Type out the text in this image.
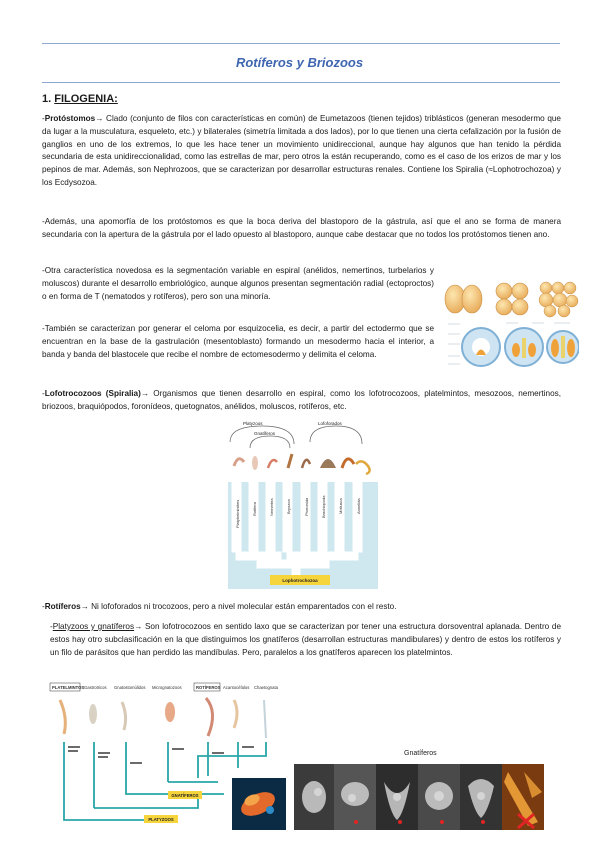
Rotíferos y Briozoos
1. FILOGENIA:

-Protóstomos→ Clado (conjunto de filos con características en común) de Eumetazoos (tienen tejidos) triblásticos (generan mesodermo que da lugar a la musculatura, esqueleto, etc.) y bilaterales (simetría limitada a dos lados), por lo que tienen una cierta cefalización por la fusión de ganglios en uno de los extremos, lo que les hace tener un movimiento unidireccional, aunque hay algunos que han tenido la pérdida secundaria de esta unidireccionalidad, como las estrellas de mar, pero otros la están recuperando, como es el caso de los erizos de mar y los pepinos de mar. Además, son Nephrozoos, que se caracterizan por desarrollar estructuras renales. Contiene los Spiralia (≈Lophotrochozoa) y los Ecdysozoa.

-Además, una apomorfía de los protóstomos es que la boca deriva del blastoporo de la gástrula, así que el ano se forma de manera secundaria con la apertura de la gástrula por el lado opuesto al blastoporo, aunque cabe destacar que no todos los protóstomos tienen ano.

-Otra característica novedosa es la segmentación variable en espiral (anélidos, nemertinos, turbelarios y moluscos) durante el desarrollo embriológico, aunque algunos presentan segmentación radial (ectoproctos) o en forma de T (nematodos y rotíferos), pero son una minoría.

-También se caracterizan por generar el celoma por esquizocelia, es decir, a partir del ectodermo que se encuentran en la base de la gastrulación (mesentoblasto) formando un mesodermo hacia el interior, a banda y banda del blastocele que recibe el nombre de ectomesodermo y delimita el celoma.

-Lofotrocozoos (Spiralia)→ Organismos que tienen desarrollo en espiral, como los lofotrocozoos, platelmintos, mesozoos, nemertinos, briozoos, braquiópodos, foronídeos, quetognatos, anélidos, moluscos, rotíferos, etc.

Platyzoos
Gnatíferos
Lofoforados
Platyhelminthes	Rotifera	Nemertea	Bryozoa	Phoronida	Brachiopoda	Mollusca	Annelida
Lophotrochozoa

-Rotíferos→ Ni lofoforados ni trocozoos, pero a nivel molecular están emparentados con el resto.

-Platyzoos y gnatíferos→ Son lofotrocozoos en sentido laxo que se caracterizan por tener una estructura dorsoventral aplanada. Dentro de estos hay otro subclasificación en la que distinguimos los gnatíferos (desarrollan estructuras mandibulares) y dentro de estos los rotíferos y un filo de parásitos que han perdido las mandíbulas. Pero, paralelos a los gnatíferos aparecen los platelmintos.

PLATELMINTOS Gastrotricos Gnatostomúlidos Micrognatozoos	ROTÍFEROS Acantocéfalos Chaetognata
GNATÍFEROS
PLATYZOOS
Gnatíferos
